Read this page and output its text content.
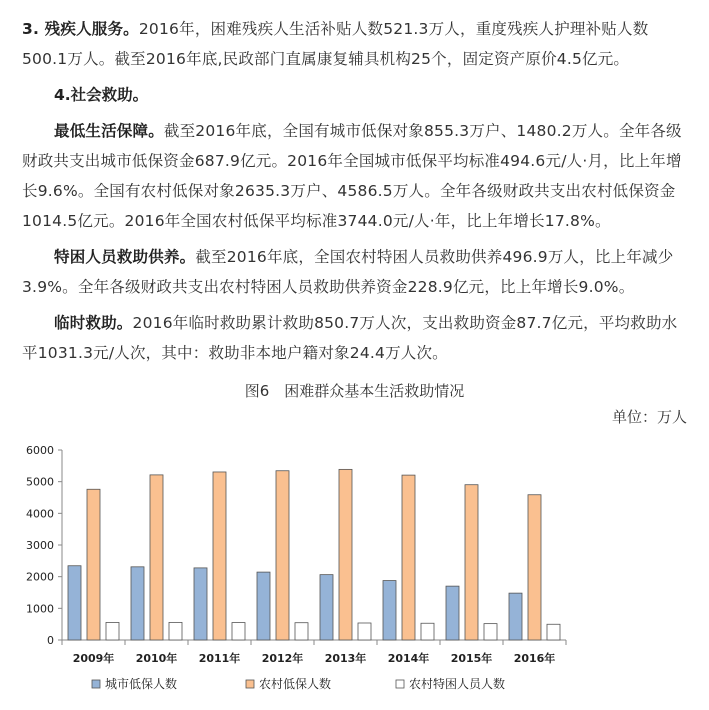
3. 残疾人服务。2016年，困难残疾人生活补贴人数521.3万人，重度残疾人护理补贴人数500.1万人。截至2016年底,民政部门直属康复辅具机构25个，固定资产原价4.5亿元。

4.社会救助。

最低生活保障。截至2016年底，全国有城市低保对象855.3万户、1480.2万人。全年各级财政共支出城市低保资金687.9亿元。2016年全国城市低保平均标准494.6元/人·月，比上年增长9.6%。全国有农村低保对象2635.3万户、4586.5万人。全年各级财政共支出农村低保资金1014.5亿元。2016年全国农村低保平均标准3744.0元/人·年，比上年增长17.8%。

特困人员救助供养。截至2016年底，全国农村特困人员救助供养496.9万人，比上年减少3.9%。全年各级财政共支出农村特困人员救助供养资金228.9亿元，比上年增长9.0%。

临时救助。2016年临时救助累计救助850.7万人次，支出救助资金87.7亿元，平均救助水平1031.3元/人次，其中：救助非本地户籍对象24.4万人次。

图6　困难群众基本生活救助情况
单位：万人
0
1000
2000
3000
4000
5000
6000
2009年 2010年 2011年 2012年 2013年 2014年 2015年 2016年
城市低保人数	农村低保人数	农村特困人员人数
